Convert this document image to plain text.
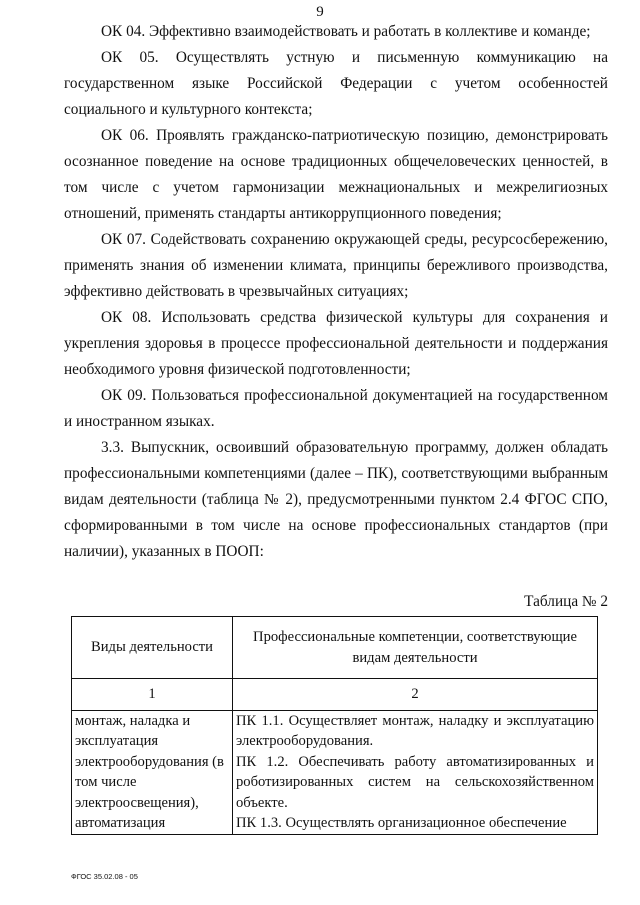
9

ОК 04. Эффективно взаимодействовать и работать в коллективе и команде;

ОК 05. Осуществлять устную и письменную коммуникацию на государственном языке Российской Федерации с учетом особенностей социального и культурного контекста;

ОК 06. Проявлять гражданско-патриотическую позицию, демонстрировать осознанное поведение на основе традиционных общечеловеческих ценностей, в том числе с учетом гармонизации межнациональных и межрелигиозных отношений, применять стандарты антикоррупционного поведения;

ОК 07. Содействовать сохранению окружающей среды, ресурсосбережению, применять знания об изменении климата, принципы бережливого производства, эффективно действовать в чрезвычайных ситуациях;

ОК 08. Использовать средства физической культуры для сохранения и укрепления здоровья в процессе профессиональной деятельности и поддержания необходимого уровня физической подготовленности;

ОК 09. Пользоваться профессиональной документацией на государственном и иностранном языках.

3.3. Выпускник, освоивший образовательную программу, должен обладать профессиональными компетенциями (далее – ПК), соответствующими выбранным видам деятельности (таблица № 2), предусмотренными пунктом 2.4 ФГОС СПО, сформированными в том числе на основе профессиональных стандартов (при наличии), указанных в ПООП:

Таблица № 2
Виды деятельности	Профессиональные компетенции, соответствующие видам деятельности
1	2
монтаж, наладка и эксплуатация электрооборудования (в том числе электроосвещения), автоматизация	ПК 1.1. Осуществляет монтаж, наладку и эксплуатацию электрооборудования.
ПК 1.2. Обеспечивать работу автоматизированных и роботизированных систем на сельскохозяйственном объекте.
ПК 1.3. Осуществлять организационное обеспечение
ФГОС 35.02.08 - 05
